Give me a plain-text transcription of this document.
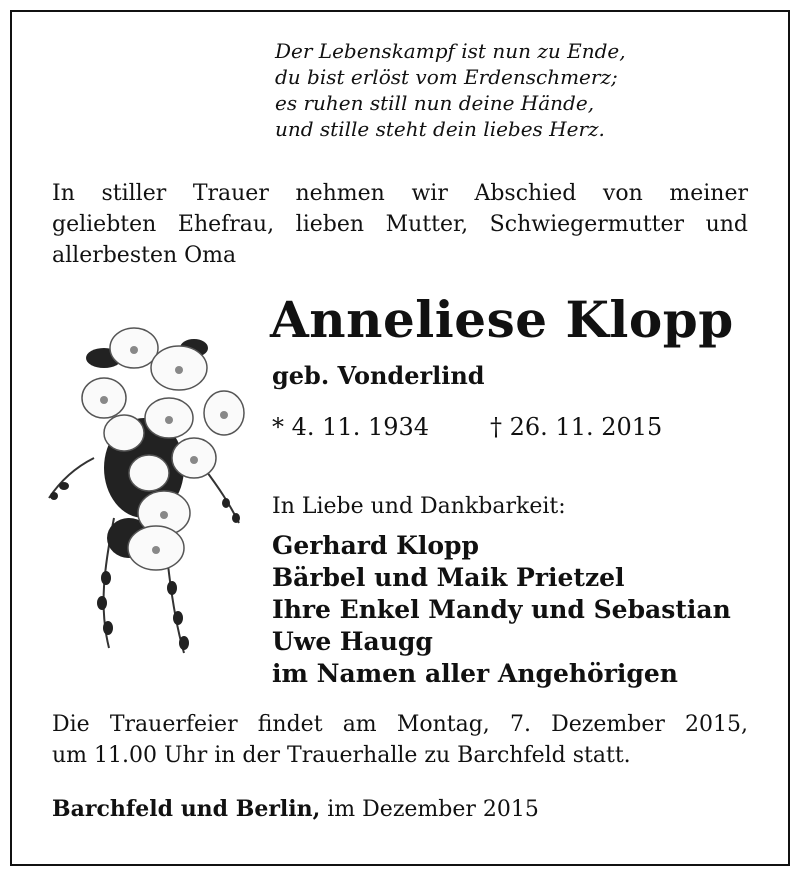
Der Lebenskampf ist nun zu Ende,
du bist erlöst vom Erdenschmerz;
es ruhen still nun deine Hände,
und stille steht dein liebes Herz.
In stiller Trauer nehmen wir Abschied von meiner
geliebten Ehefrau, lieben Mutter, Schwiegermutter und
allerbesten Oma
Anneliese Klopp
geb. Vonderlind
* 4. 11. 1934	† 26. 11. 2015
In Liebe und Dankbarkeit:
Gerhard Klopp
Bärbel und Maik Prietzel
Ihre Enkel Mandy und Sebastian
Uwe Haugg
im Namen aller Angehörigen
Die Trauerfeier findet am Montag, 7. Dezember 2015,
um 11.00 Uhr in der Trauerhalle zu Barchfeld statt.
Barchfeld und Berlin, im Dezember 2015
